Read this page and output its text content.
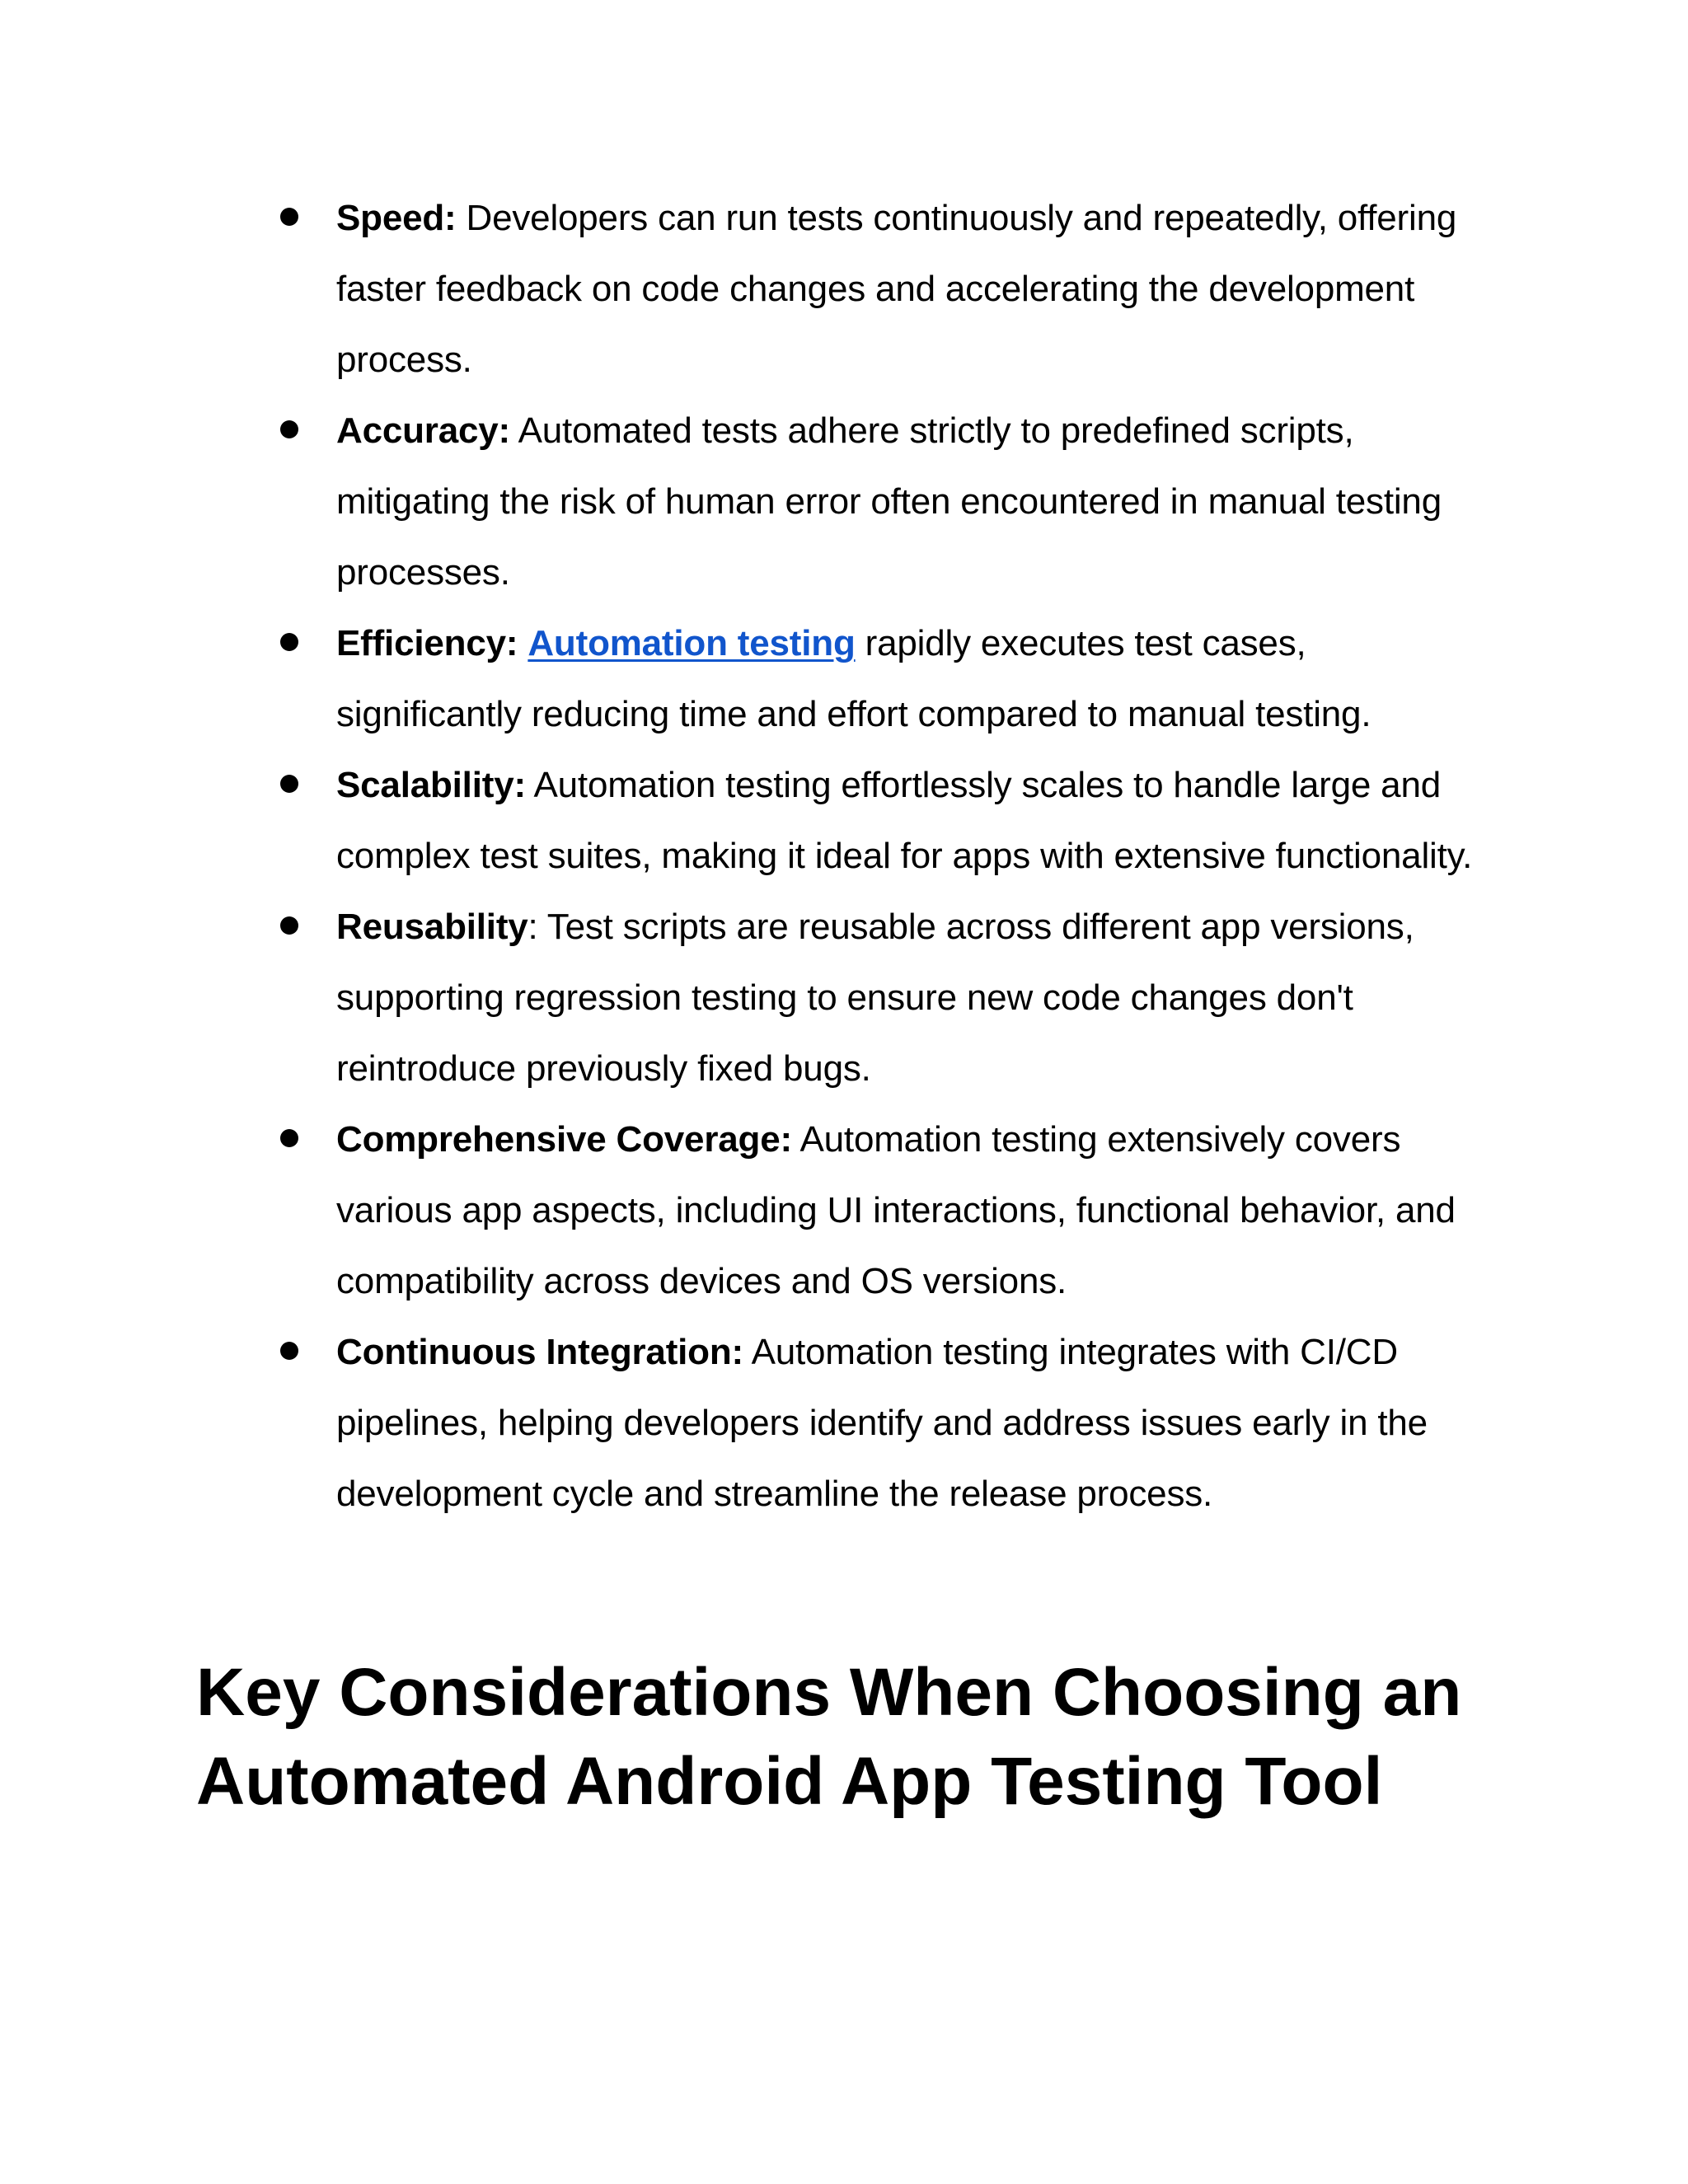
Speed: Developers can run tests continuously and repeatedly, offering faster feedback on code changes and accelerating the development process.
Accuracy: Automated tests adhere strictly to predefined scripts, mitigating the risk of human error often encountered in manual testing processes.
Efficiency: Automation testing rapidly executes test cases, significantly reducing time and effort compared to manual testing.
Scalability: Automation testing effortlessly scales to handle large and complex test suites, making it ideal for apps with extensive functionality.
Reusability: Test scripts are reusable across different app versions, supporting regression testing to ensure new code changes don't reintroduce previously fixed bugs.
Comprehensive Coverage: Automation testing extensively covers various app aspects, including UI interactions, functional behavior, and compatibility across devices and OS versions.
Continuous Integration: Automation testing integrates with CI/CD pipelines, helping developers identify and address issues early in the development cycle and streamline the release process.
Key Considerations When Choosing an Automated Android App Testing Tool
